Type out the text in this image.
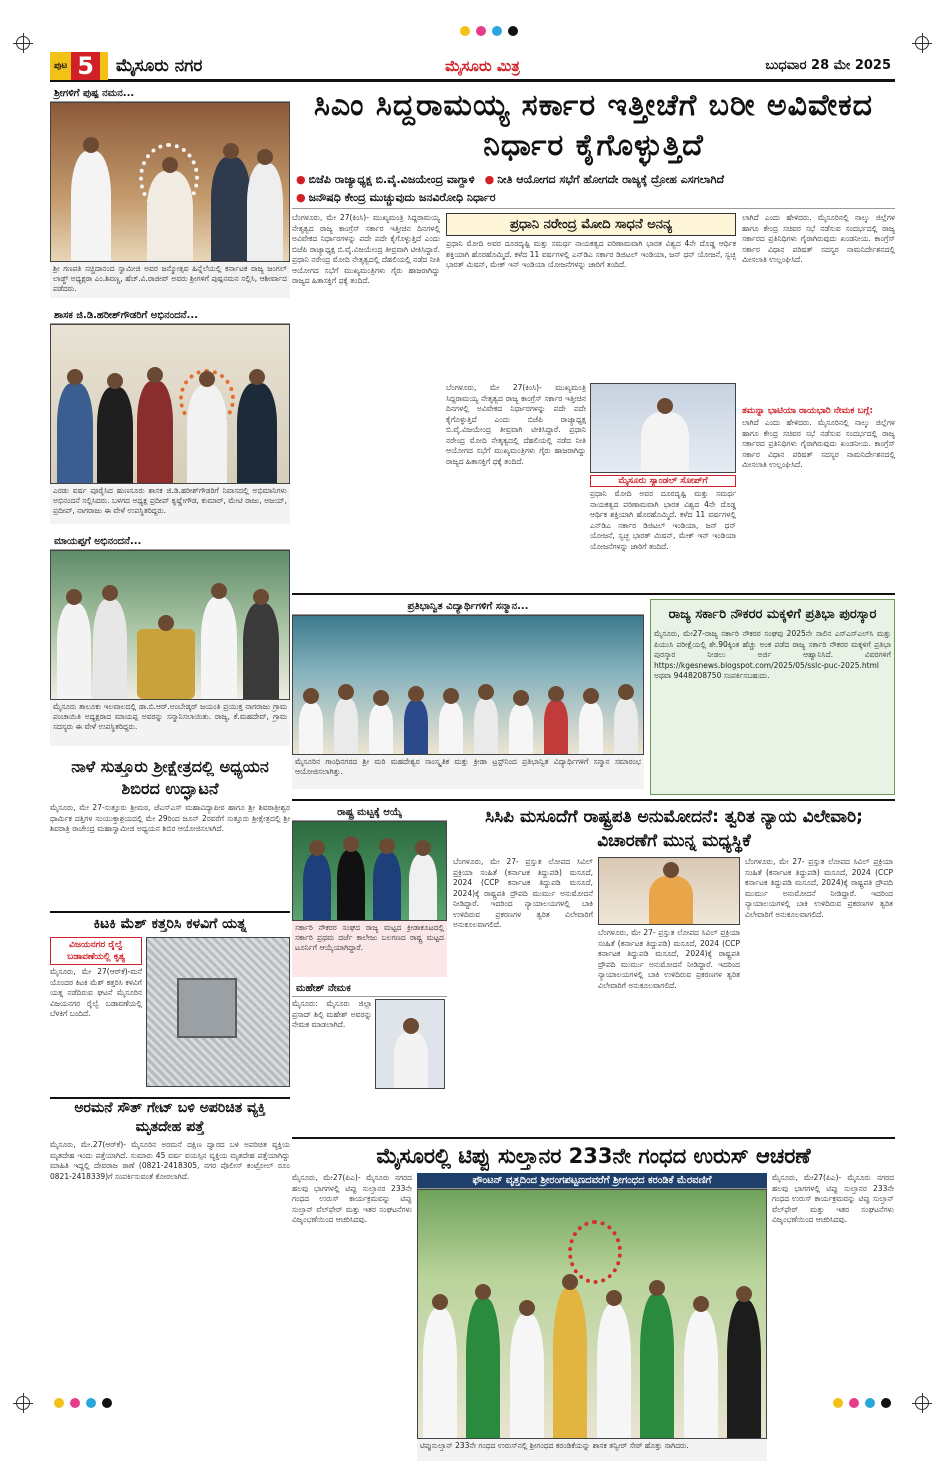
ಪುಟ 5	ಮೈಸೂರು ನಗರ	ಮೈಸೂರು ಮಿತ್ರ	ಬುಧವಾರ 28 ಮೇ 2025
ಶ್ರೀಗಳಿಗೆ ಪುಷ್ಪ ನಮನ...
ಶ್ರೀ ಗಣಪತಿ ಸಚ್ಚಿದಾನಂದ ಸ್ವಾಮೀಜಿ ಅವರ ಜನ್ಮೋತ್ಸವ ಹಿನ್ನೆಲೆಯಲ್ಲಿ ಕರ್ನಾಟಕ ರಾಜ್ಯ ಜಂಗಲ್ ಲಾಡ್ಜ್ ಅಧ್ಯಕ್ಷರಾ ಎಂ.ಶಿವಣ್ಣ, ಹೆಚ್.ವಿ.ರಾಜೀವ್ ಅವರು ಶ್ರೀಗಳಿಗೆ ಪುಷ್ಪನಮನ ಸಲ್ಲಿಸಿ, ಆಶೀರ್ವಾದ ಪಡೆದರು.
ಶಾಸಕ ಜಿ.ಡಿ.ಹರೀಶ್‌ಗೌಡರಿಗೆ ಅಭಿನಂದನೆ...
ಎರಡು ವರ್ಷ ಪೂರೈಸಿದ ಹುಣಸೂರು ಶಾಸಕ ಜಿ.ಡಿ.ಹರೀಶ್‌ಗೌಡರಿಗೆ ನಿವಾಸದಲ್ಲಿ ಅಭಿಮಾನಿಗಳು ಅಭಿನಂದನೆ ಸಲ್ಲಿಸಿದರು. ಬಳಗದ ಅಧ್ಯಕ್ಷ ಪ್ರದೀಪ್ ಕೃಷ್ಣೇಗೌಡ, ಕುಮಾರ್, ಮೇಟಿ ರಾಜು, ಅಜಯ್, ಪ್ರದೀಪ್, ನಾಗರಾಜು ಈ ವೇಳೆ ಉಪಸ್ಥಿತರಿದ್ದರು.
ಮಾಯಪ್ಪಗೆ ಅಭಿನಂದನೆ...
ಮೈಸೂರು ತಾಲೂಕು ಇಲವಾಲದಲ್ಲಿ ಡಾ.ಬಿ.ಆರ್.ಅಂಬೇಡ್ಕರ್ ಜಯಂತಿ ಪ್ರಯುಕ್ತ ನಾಗರಾಜು ಗ್ರಾಮ ಪಂಚಾಯಿತಿ ಅಧ್ಯಕ್ಷರಾದ ಮಾಯಪ್ಪ ಅವರನ್ನು ಸನ್ಮಾನಿಸಲಾಯಿತು. ರಾಜ್ಯ, ಕೆ.ಮಹದೇವ್, ಗ್ರಾಮ ಸದಸ್ಯರು ಈ ವೇಳೆ ಉಪಸ್ಥಿತರಿದ್ದರು.
ನಾಳೆ ಸುತ್ತೂರು ಶ್ರೀಕ್ಷೇತ್ರದಲ್ಲಿ ಅಧ್ಯಯನ ಶಿಬಿರದ ಉದ್ಘಾಟನೆ
ಮೈಸೂರು, ಮೇ 27-ಸುತ್ತೂರು ಶ್ರೀಮಠ, ಜೆಎಸ್‌ಎಸ್ ಮಹಾವಿದ್ಯಾಪೀಠ ಹಾಗೂ ಶ್ರೀ ಶಿವರಾತ್ರೀಶ್ವರ ಧಾರ್ಮಿಕ ದತ್ತಿಗಳ ಸಂಯುಕ್ತಾಶ್ರಯದಲ್ಲಿ ಮೇ 29ರಿಂದ ಜೂನ್ 2ರವರೆಗೆ ಸುತ್ತೂರು ಶ್ರೀಕ್ಷೇತ್ರದಲ್ಲಿ ಶ್ರೀ ಶಿವರಾತ್ರಿ ರಾಜೇಂದ್ರ ಮಹಾಸ್ವಾಮೀಜಿ ಅಧ್ಯಯನ ಶಿಬಿರ ಆಯೋಜಿಸಲಾಗಿದೆ.
ಕಿಟಕಿ ಮೆಶ್ ಕತ್ತರಿಸಿ ಕಳವಿಗೆ ಯತ್ನ
ವಿಜಯನಗರ ರೈಲ್ವೆ ಬಡಾವಣೆಯಲ್ಲಿ ಕೃತ್ಯ
ಮೈಸೂರು, ಮೇ 27(ಆರ್‌ಕೆ)-ಮನೆ ಯೊಂದರ ಕಿಟಕಿ ಮೆಶ್ ಕತ್ತರಿಸಿ ಕಳವಿಗೆ ಯತ್ನ ನಡೆದಿರುವ ಘಟನೆ ಮೈಸೂರಿನ ವಿಜಯನಗರ ರೈಲ್ವೆ ಬಡಾವಣೆಯಲ್ಲಿ ಬೆಳಕಿಗೆ ಬಂದಿದೆ.
ಅರಮನೆ ಸೌತ್ ಗೇಟ್ ಬಳಿ ಅಪರಿಚಿತ ವ್ಯಕ್ತಿ ಮೃತದೇಹ ಪತ್ತೆ
ಮೈಸೂರು, ಮೇ.27(ಆರ್‌ಕೆ)- ಮೈಸೂರಿನ ಅರಮನೆ ದಕ್ಷಿಣ ದ್ವಾರದ ಬಳಿ ಅಪರಿಚಿತ ವ್ಯಕ್ತಿಯ ಮೃತದೇಹ ಇಂದು ಪತ್ತೆಯಾಗಿದೆ. ಸುಮಾರು 45 ವರ್ಷ ವಯಸ್ಸಿನ ವ್ಯಕ್ತಿಯ ಮೃತದೇಹ ಪತ್ತೆಯಾಗಿದ್ದು ಮಾಹಿತಿ ಇದ್ದಲ್ಲಿ ದೇವರಾಜ ಠಾಣೆ (0821-2418305, ನಗರ ಪೊಲೀಸ್ ಕಂಟ್ರೋಲ್ ರೂಂ 0821-2418339)ಗೆ ಸಂಪರ್ಕಿಸುವಂತೆ ಕೋರಲಾಗಿದೆ.
ಸಿಎಂ ಸಿದ್ದರಾಮಯ್ಯ ಸರ್ಕಾರ ಇತ್ತೀಚೆಗೆ ಬರೀ ಅವಿವೇಕದ ನಿರ್ಧಾರ ಕೈಗೊಳ್ಳುತ್ತಿದೆ
● ಬಿಜೆಪಿ ರಾಜ್ಯಾಧ್ಯಕ್ಷ ಬಿ.ವೈ.ವಿಜಯೇಂದ್ರ ವಾಗ್ದಾಳಿ
●	ನೀತಿ ಆಯೋಗದ ಸಭೆಗೆ ಹೋಗದೇ ರಾಜ್ಯಕ್ಕೆ ದ್ರೋಹ ಎಸಗಲಾಗಿದೆ
● ಜನೌಷಧಿ ಕೇಂದ್ರ ಮುಚ್ಚುವುದು ಜನವಿರೋಧಿ ನಿರ್ಧಾರ
ಬೆಂಗಳೂರು, ಮೇ 27(ಕಿಂಸಿ)- ಮುಖ್ಯಮಂತ್ರಿ ಸಿದ್ದರಾಮಯ್ಯ ನೇತೃತ್ವದ ರಾಜ್ಯ ಕಾಂಗ್ರೆಸ್ ಸರ್ಕಾರ ಇತ್ತೀಚಿನ ದಿನಗಳಲ್ಲಿ ಅವಿವೇಕದ ನಿರ್ಧಾರಗಳನ್ನು ಪದೇ ಪದೇ ಕೈಗೊಳ್ಳುತ್ತಿದೆ ಎಂದು ಬಿಜೆಪಿ ರಾಜ್ಯಾಧ್ಯಕ್ಷ ಬಿ.ವೈ.ವಿಜಯೇಂದ್ರ ತೀವ್ರವಾಗಿ ಟೀಕಿಸಿದ್ದಾರೆ. ಪ್ರಧಾನಿ ನರೇಂದ್ರ ಮೋದಿ ನೇತೃತ್ವದಲ್ಲಿ ದೆಹಲಿಯಲ್ಲಿ ನಡೆದ ನೀತಿ ಆಯೋಗದ ಸಭೆಗೆ ಮುಖ್ಯಮಂತ್ರಿಗಳು ಗೈರು ಹಾಜರಾಗಿದ್ದು ರಾಜ್ಯದ ಹಿತಾಸಕ್ತಿಗೆ ಧಕ್ಕೆ ತಂದಿದೆ.
ಪ್ರಧಾನಿ ನರೇಂದ್ರ ಮೋದಿ ಸಾಧನೆ ಅನನ್ಯ
ಪ್ರಧಾನಿ ಮೋದಿ ಅವರ ದೂರದೃಷ್ಟಿ ಮತ್ತು ಸಮರ್ಥ ನಾಯಕತ್ವದ ಪರಿಣಾಮವಾಗಿ ಭಾರತ ವಿಶ್ವದ 4ನೇ ದೊಡ್ಡ ಆರ್ಥಿಕ ಶಕ್ತಿಯಾಗಿ ಹೊರಹೊಮ್ಮಿದೆ. ಕಳೆದ 11 ವರ್ಷಗಳಲ್ಲಿ ಎನ್‌ಡಿಎ ಸರ್ಕಾರ ಡಿಜಿಟಲ್ ಇಂಡಿಯಾ, ಜನ್ ಧನ್ ಯೋಜನೆ, ಸ್ವಚ್ಛ ಭಾರತ್ ಮಿಷನ್, ಮೇಕ್ ಇನ್ ಇಂಡಿಯಾ ಯೋಜನೆಗಳನ್ನು ಜಾರಿಗೆ ತಂದಿದೆ.
ಬೆಂಗಳೂರು, ಮೇ 27(ಕಿಂಸಿ)- ಮುಖ್ಯಮಂತ್ರಿ ಸಿದ್ದರಾಮಯ್ಯ ನೇತೃತ್ವದ ರಾಜ್ಯ ಕಾಂಗ್ರೆಸ್ ಸರ್ಕಾರ ಇತ್ತೀಚಿನ ದಿನಗಳಲ್ಲಿ ಅವಿವೇಕದ ನಿರ್ಧಾರಗಳನ್ನು ಪದೇ ಪದೇ ಕೈಗೊಳ್ಳುತ್ತಿದೆ ಎಂದು ಬಿಜೆಪಿ ರಾಜ್ಯಾಧ್ಯಕ್ಷ ಬಿ.ವೈ.ವಿಜಯೇಂದ್ರ ತೀವ್ರವಾಗಿ ಟೀಕಿಸಿದ್ದಾರೆ. ಪ್ರಧಾನಿ ನರೇಂದ್ರ ಮೋದಿ ನೇತೃತ್ವದಲ್ಲಿ ದೆಹಲಿಯಲ್ಲಿ ನಡೆದ ನೀತಿ ಆಯೋಗದ ಸಭೆಗೆ ಮುಖ್ಯಮಂತ್ರಿಗಳು ಗೈರು ಹಾಜರಾಗಿದ್ದು ರಾಜ್ಯದ ಹಿತಾಸಕ್ತಿಗೆ ಧಕ್ಕೆ ತಂದಿದೆ.
ಮೈಸೂರು ಸ್ಯಾಂಡಲ್ ಸೋಪ್‌ಗೆ
ಪ್ರಧಾನಿ ಮೋದಿ ಅವರ ದೂರದೃಷ್ಟಿ ಮತ್ತು ಸಮರ್ಥ ನಾಯಕತ್ವದ ಪರಿಣಾಮವಾಗಿ ಭಾರತ ವಿಶ್ವದ 4ನೇ ದೊಡ್ಡ ಆರ್ಥಿಕ ಶಕ್ತಿಯಾಗಿ ಹೊರಹೊಮ್ಮಿದೆ. ಕಳೆದ 11 ವರ್ಷಗಳಲ್ಲಿ ಎನ್‌ಡಿಎ ಸರ್ಕಾರ ಡಿಜಿಟಲ್ ಇಂಡಿಯಾ, ಜನ್ ಧನ್ ಯೋಜನೆ, ಸ್ವಚ್ಛ ಭಾರತ್ ಮಿಷನ್, ಮೇಕ್ ಇನ್ ಇಂಡಿಯಾ ಯೋಜನೆಗಳನ್ನು ಜಾರಿಗೆ ತಂದಿದೆ.
ಲಾಗಿದೆ ಎಂದು ಹೇಳಿದರು. ಮೈಸೂರಿನಲ್ಲಿ ನಾಲ್ಕು ಜಿಲ್ಲೆಗಳ ಹಾಗೂ ಕೇಂದ್ರ ಸಚಿವರ ಸಭೆ ನಡೆಸುವ ಸಂದರ್ಭದಲ್ಲಿ ರಾಜ್ಯ ಸರ್ಕಾರದ ಪ್ರತಿನಿಧಿಗಳು ಗೈರಾಗಿರುವುದು ಖಂಡನೀಯ. ಕಾಂಗ್ರೆಸ್ ಸರ್ಕಾರ ವಿಧಾನ ಪರಿಷತ್ ಸದಸ್ಯರ ನಾಮನಿರ್ದೇಶನದಲ್ಲಿ ಮೀಸಲಾತಿ ಉಲ್ಲಂಘಿಸಿದೆ.
ತಮನ್ನಾ ಭಾಟಿಯಾ ರಾಯಭಾರಿ ನೇಮಕ ಬಗ್ಗೆ:
ಲಾಗಿದೆ ಎಂದು ಹೇಳಿದರು. ಮೈಸೂರಿನಲ್ಲಿ ನಾಲ್ಕು ಜಿಲ್ಲೆಗಳ ಹಾಗೂ ಕೇಂದ್ರ ಸಚಿವರ ಸಭೆ ನಡೆಸುವ ಸಂದರ್ಭದಲ್ಲಿ ರಾಜ್ಯ ಸರ್ಕಾರದ ಪ್ರತಿನಿಧಿಗಳು ಗೈರಾಗಿರುವುದು ಖಂಡನೀಯ. ಕಾಂಗ್ರೆಸ್ ಸರ್ಕಾರ ವಿಧಾನ ಪರಿಷತ್ ಸದಸ್ಯರ ನಾಮನಿರ್ದೇಶನದಲ್ಲಿ ಮೀಸಲಾತಿ ಉಲ್ಲಂಘಿಸಿದೆ.
ಪ್ರತಿಭಾನ್ವಿತ ವಿದ್ಯಾರ್ಥಿಗಳಿಗೆ ಸನ್ಮಾನ...
ಮೈಸೂರಿನ ಗಾಂಧಿನಗರದ ಶ್ರೀ ಮರಿ ಮಹದೇಶ್ವರ ಸಾಂಸ್ಕೃತಿಕ ಮತ್ತು ಕ್ರೀಡಾ ಟ್ರಸ್ಟ್‌ನಿಂದ ಪ್ರತಿಭಾನ್ವಿತ ವಿದ್ಯಾರ್ಥಿಗಳಿಗೆ ಸನ್ಮಾನ ಸಮಾರಂಭ ಆಯೋಜಿಸಲಾಗಿತ್ತು.
ರಾಜ್ಯ ಸರ್ಕಾರಿ ನೌಕರರ ಮಕ್ಕಳಿಗೆ ಪ್ರತಿಭಾ ಪುರಸ್ಕಾರ
ಮೈಸೂರು, ಮೇ27-ರಾಜ್ಯ ಸರ್ಕಾರಿ ನೌಕರರ ಸಂಘವು 2025ನೇ ಸಾಲಿನ ಎಸ್‌ಎಸ್‌ಎಲ್‌ಸಿ ಮತ್ತು ಪಿಯುಸಿ ಪರೀಕ್ಷೆಯಲ್ಲಿ ಶೇ.90ಕ್ಕಿಂತ ಹೆಚ್ಚು ಅಂಕ ಪಡೆದ ರಾಜ್ಯ ಸರ್ಕಾರಿ ನೌಕರರ ಮಕ್ಕಳಿಗೆ ಪ್ರತಿಭಾ ಪುರಸ್ಕಾರ ನೀಡಲು ಅರ್ಜಿ ಆಹ್ವಾನಿಸಿದೆ. ವಿವರಗಳಿಗೆ https://kgesnews.blogspot.com/2025/05/sslc-puc-2025.html ಅಥವಾ 9448208750 ಸಂಪರ್ಕಿಸಬಹುದು.
ರಾಷ್ಟ್ರ ಮಟ್ಟಕ್ಕೆ ಆಯ್ಕೆ
ಸರ್ಕಾರಿ ನೌಕರರ ಸಂಘದ ರಾಜ್ಯ ಮಟ್ಟದ ಕ್ರೀಡಾಕೂಟದಲ್ಲಿ ಸರ್ಕಾರಿ ಪ್ರಥಮ ದರ್ಜೆ ಕಾಲೇಜು ಬಲಗಣದ ರಾಷ್ಟ್ರ ಮಟ್ಟದ ಟೂರ್ನಿಗೆ ಆಯ್ಕೆಯಾಗಿದ್ದಾರೆ.
ಮಹೇಶ್ ನೇಮಕ
ಮೈಸೂರು: ಮೈಸೂರು ಜಿಲ್ಲಾ ಪ್ರಸಾದ್ ಶಿಲ್ಪಿ ಮಹೇಶ್ ಅವರನ್ನು ನೇಮಕ ಮಾಡಲಾಗಿದೆ.
ಸಿಸಿಪಿ ಮಸೂದೆಗೆ ರಾಷ್ಟ್ರಪತಿ ಅನುಮೋದನೆ: ತ್ವರಿತ ನ್ಯಾಯ ವಿಲೇವಾರಿ; ವಿಚಾರಣೆಗೆ ಮುನ್ನ ಮಧ್ಯಸ್ಥಿಕೆ
ಬೆಂಗಳೂರು, ಮೇ 27- ಪ್ರಸ್ತುತ ಲೋಪದ ಸಿವಿಲ್ ಪ್ರಕ್ರಿಯಾ ಸಂಹಿತೆ (ಕರ್ನಾಟಕ ತಿದ್ದುಪಡಿ) ಮಸೂದೆ, 2024 (CCP ಕರ್ನಾಟಕ ತಿದ್ದುಪಡಿ ಮಸೂದೆ, 2024)ಕ್ಕೆ ರಾಷ್ಟ್ರಪತಿ ದ್ರೌಪದಿ ಮುರ್ಮು ಅನುಮೋದನೆ ನೀಡಿದ್ದಾರೆ. ಇದರಿಂದ ನ್ಯಾಯಾಲಯಗಳಲ್ಲಿ ಬಾಕಿ ಉಳಿದಿರುವ ಪ್ರಕರಣಗಳ ತ್ವರಿತ ವಿಲೇವಾರಿಗೆ ಅನುಕೂಲವಾಗಲಿದೆ.
ಬೆಂಗಳೂರು, ಮೇ 27- ಪ್ರಸ್ತುತ ಲೋಪದ ಸಿವಿಲ್ ಪ್ರಕ್ರಿಯಾ ಸಂಹಿತೆ (ಕರ್ನಾಟಕ ತಿದ್ದುಪಡಿ) ಮಸೂದೆ, 2024 (CCP ಕರ್ನಾಟಕ ತಿದ್ದುಪಡಿ ಮಸೂದೆ, 2024)ಕ್ಕೆ ರಾಷ್ಟ್ರಪತಿ ದ್ರೌಪದಿ ಮುರ್ಮು ಅನುಮೋದನೆ ನೀಡಿದ್ದಾರೆ. ಇದರಿಂದ ನ್ಯಾಯಾಲಯಗಳಲ್ಲಿ ಬಾಕಿ ಉಳಿದಿರುವ ಪ್ರಕರಣಗಳ ತ್ವರಿತ ವಿಲೇವಾರಿಗೆ ಅನುಕೂಲವಾಗಲಿದೆ.
ಬೆಂಗಳೂರು, ಮೇ 27- ಪ್ರಸ್ತುತ ಲೋಪದ ಸಿವಿಲ್ ಪ್ರಕ್ರಿಯಾ ಸಂಹಿತೆ (ಕರ್ನಾಟಕ ತಿದ್ದುಪಡಿ) ಮಸೂದೆ, 2024 (CCP ಕರ್ನಾಟಕ ತಿದ್ದುಪಡಿ ಮಸೂದೆ, 2024)ಕ್ಕೆ ರಾಷ್ಟ್ರಪತಿ ದ್ರೌಪದಿ ಮುರ್ಮು ಅನುಮೋದನೆ ನೀಡಿದ್ದಾರೆ. ಇದರಿಂದ ನ್ಯಾಯಾಲಯಗಳಲ್ಲಿ ಬಾಕಿ ಉಳಿದಿರುವ ಪ್ರಕರಣಗಳ ತ್ವರಿತ ವಿಲೇವಾರಿಗೆ ಅನುಕೂಲವಾಗಲಿದೆ.
ಮೈಸೂರಲ್ಲಿ ಟಿಪ್ಪು ಸುಲ್ತಾನರ 233ನೇ ಗಂಧದ ಉರುಸ್ ಆಚರಣೆ
ಮೈಸೂರು, ಮೇ27(ಪಿಎ)- ಮೈಸೂರು ನಗರದ ಹಲವು ಭಾಗಗಳಲ್ಲಿ ಟಿಪ್ಪು ಸುಲ್ತಾನರ 233ನೇ ಗಂಧದ ಉರುಸ್ ಕಾರ್ಯಕ್ರಮವನ್ನು ಟಿಪ್ಪು ಸುಲ್ತಾನ್ ವೆಲ್‌ಫೇರ್ ಮತ್ತು ಇತರ ಸಂಘಟನೆಗಳು ವಿಜೃಂಭಣೆಯಿಂದ ಆಚರಿಸಿದವು.
ಫೌಂಟನ್ ವೃತ್ತದಿಂದ ಶ್ರೀರಂಗಪಟ್ಟಣದವರೆಗೆ ಶ್ರೀಗಂಧದ ಕರಂಡಿಕೆ ಮೆರವಣಿಗೆ
ಟಿಪ್ಪುಸುಲ್ತಾನ್ 233ನೇ ಗಂಧದ ಉರುಸ್‌ನಲ್ಲಿ ಶ್ರೀಗಂಧದ ಕರಂಡಿಕೆಯನ್ನು ಶಾಸಕ ತನ್ವೀರ್ ಸೇಠ್ ಹೊತ್ತು ಸಾಗಿದರು.
ಮೈಸೂರು, ಮೇ27(ಪಿಎ)- ಮೈಸೂರು ನಗರದ ಹಲವು ಭಾಗಗಳಲ್ಲಿ ಟಿಪ್ಪು ಸುಲ್ತಾನರ 233ನೇ ಗಂಧದ ಉರುಸ್ ಕಾರ್ಯಕ್ರಮವನ್ನು ಟಿಪ್ಪು ಸುಲ್ತಾನ್ ವೆಲ್‌ಫೇರ್ ಮತ್ತು ಇತರ ಸಂಘಟನೆಗಳು ವಿಜೃಂಭಣೆಯಿಂದ ಆಚರಿಸಿದವು.
